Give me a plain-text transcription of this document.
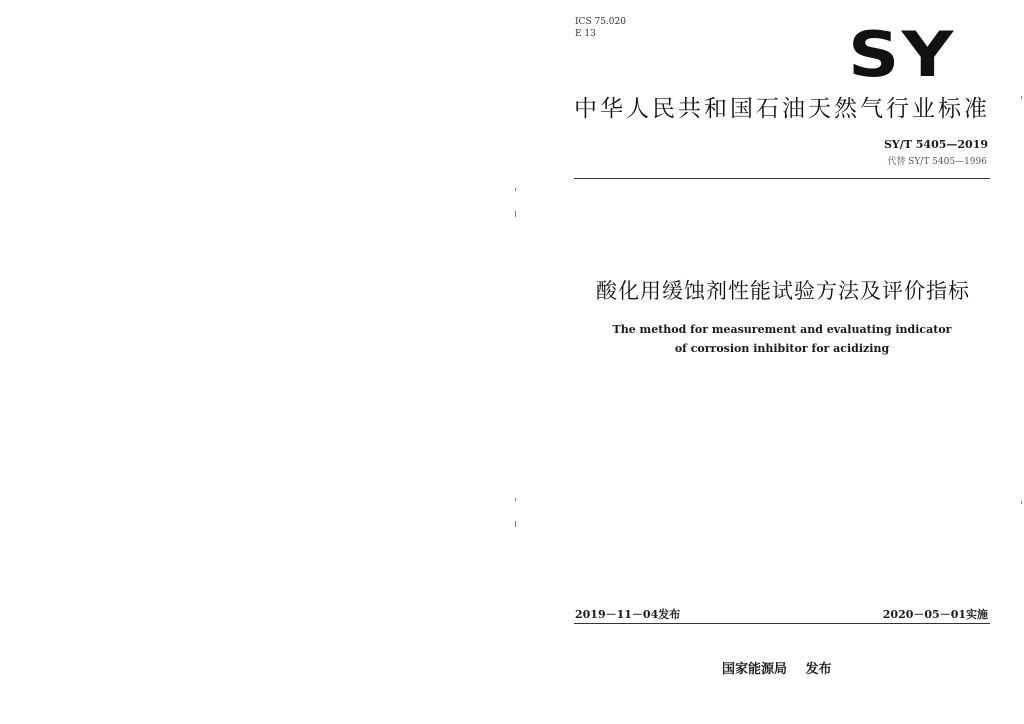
ICS 75.020
E 13	SY
中华人民共和国石油天然气行业标准
SY/T 5405—2019
代替 SY/T 5405—1996
酸化用缓蚀剂性能试验方法及评价指标
The method for measurement and evaluating indicator
of corrosion inhibitor for acidizing
2019－11－04发布	2020－05－01实施
国家能源局 发布
